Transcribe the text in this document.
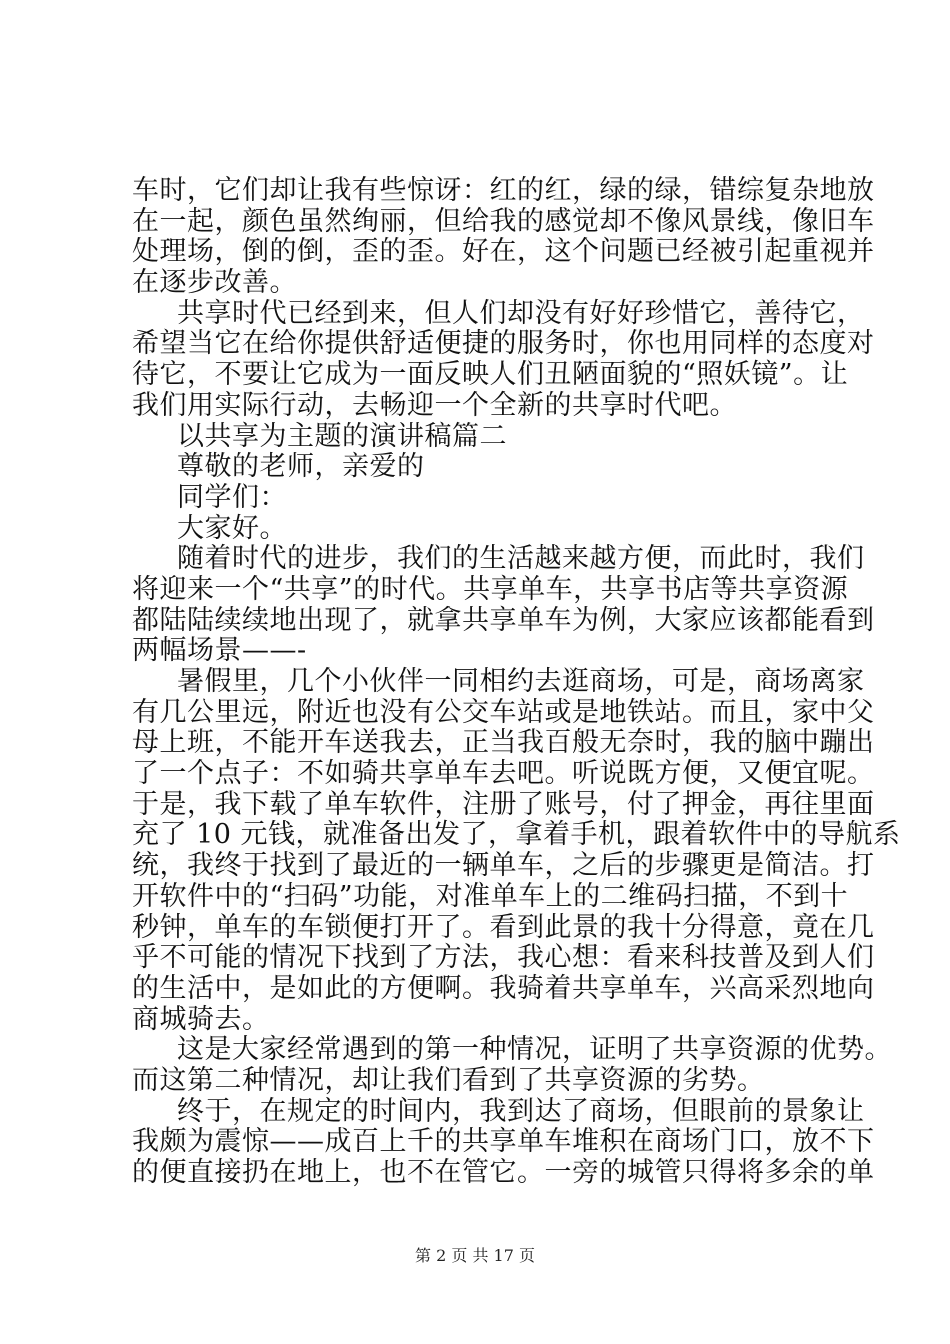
车时，它们却让我有些惊讶：红的红，绿的绿，错综复杂地放
在一起，颜色虽然绚丽，但给我的感觉却不像风景线，像旧车
处理场，倒的倒，歪的歪。好在，这个问题已经被引起重视并
在逐步改善。
共享时代已经到来，但人们却没有好好珍惜它，善待它，
希望当它在给你提供舒适便捷的服务时，你也用同样的态度对
待它，不要让它成为一面反映人们丑陋面貌的“照妖镜”。让
我们用实际行动，去畅迎一个全新的共享时代吧。
以共享为主题的演讲稿篇二
尊敬的老师，亲爱的
同学们：
大家好。
随着时代的进步，我们的生活越来越方便，而此时，我们
将迎来一个“共享”的时代。共享单车，共享书店等共享资源
都陆陆续续地出现了，就拿共享单车为例，大家应该都能看到
两幅场景——-
暑假里，几个小伙伴一同相约去逛商场，可是，商场离家
有几公里远，附近也没有公交车站或是地铁站。而且，家中父
母上班，不能开车送我去，正当我百般无奈时，我的脑中蹦出
了一个点子：不如骑共享单车去吧。听说既方便，又便宜呢。
于是，我下载了单车软件，注册了账号，付了押金，再往里面
充了 10 元钱，就准备出发了，拿着手机，跟着软件中的导航系
统，我终于找到了最近的一辆单车，之后的步骤更是简洁。打
开软件中的“扫码”功能，对准单车上的二维码扫描，不到十
秒钟，单车的车锁便打开了。看到此景的我十分得意，竟在几
乎不可能的情况下找到了方法，我心想：看来科技普及到人们
的生活中，是如此的方便啊。我骑着共享单车，兴高采烈地向
商城骑去。
这是大家经常遇到的第一种情况，证明了共享资源的优势。
而这第二种情况，却让我们看到了共享资源的劣势。
终于，在规定的时间内，我到达了商场，但眼前的景象让
我颇为震惊——成百上千的共享单车堆积在商场门口，放不下
的便直接扔在地上，也不在管它。一旁的城管只得将多余的单
第 2 页 共 17 页
